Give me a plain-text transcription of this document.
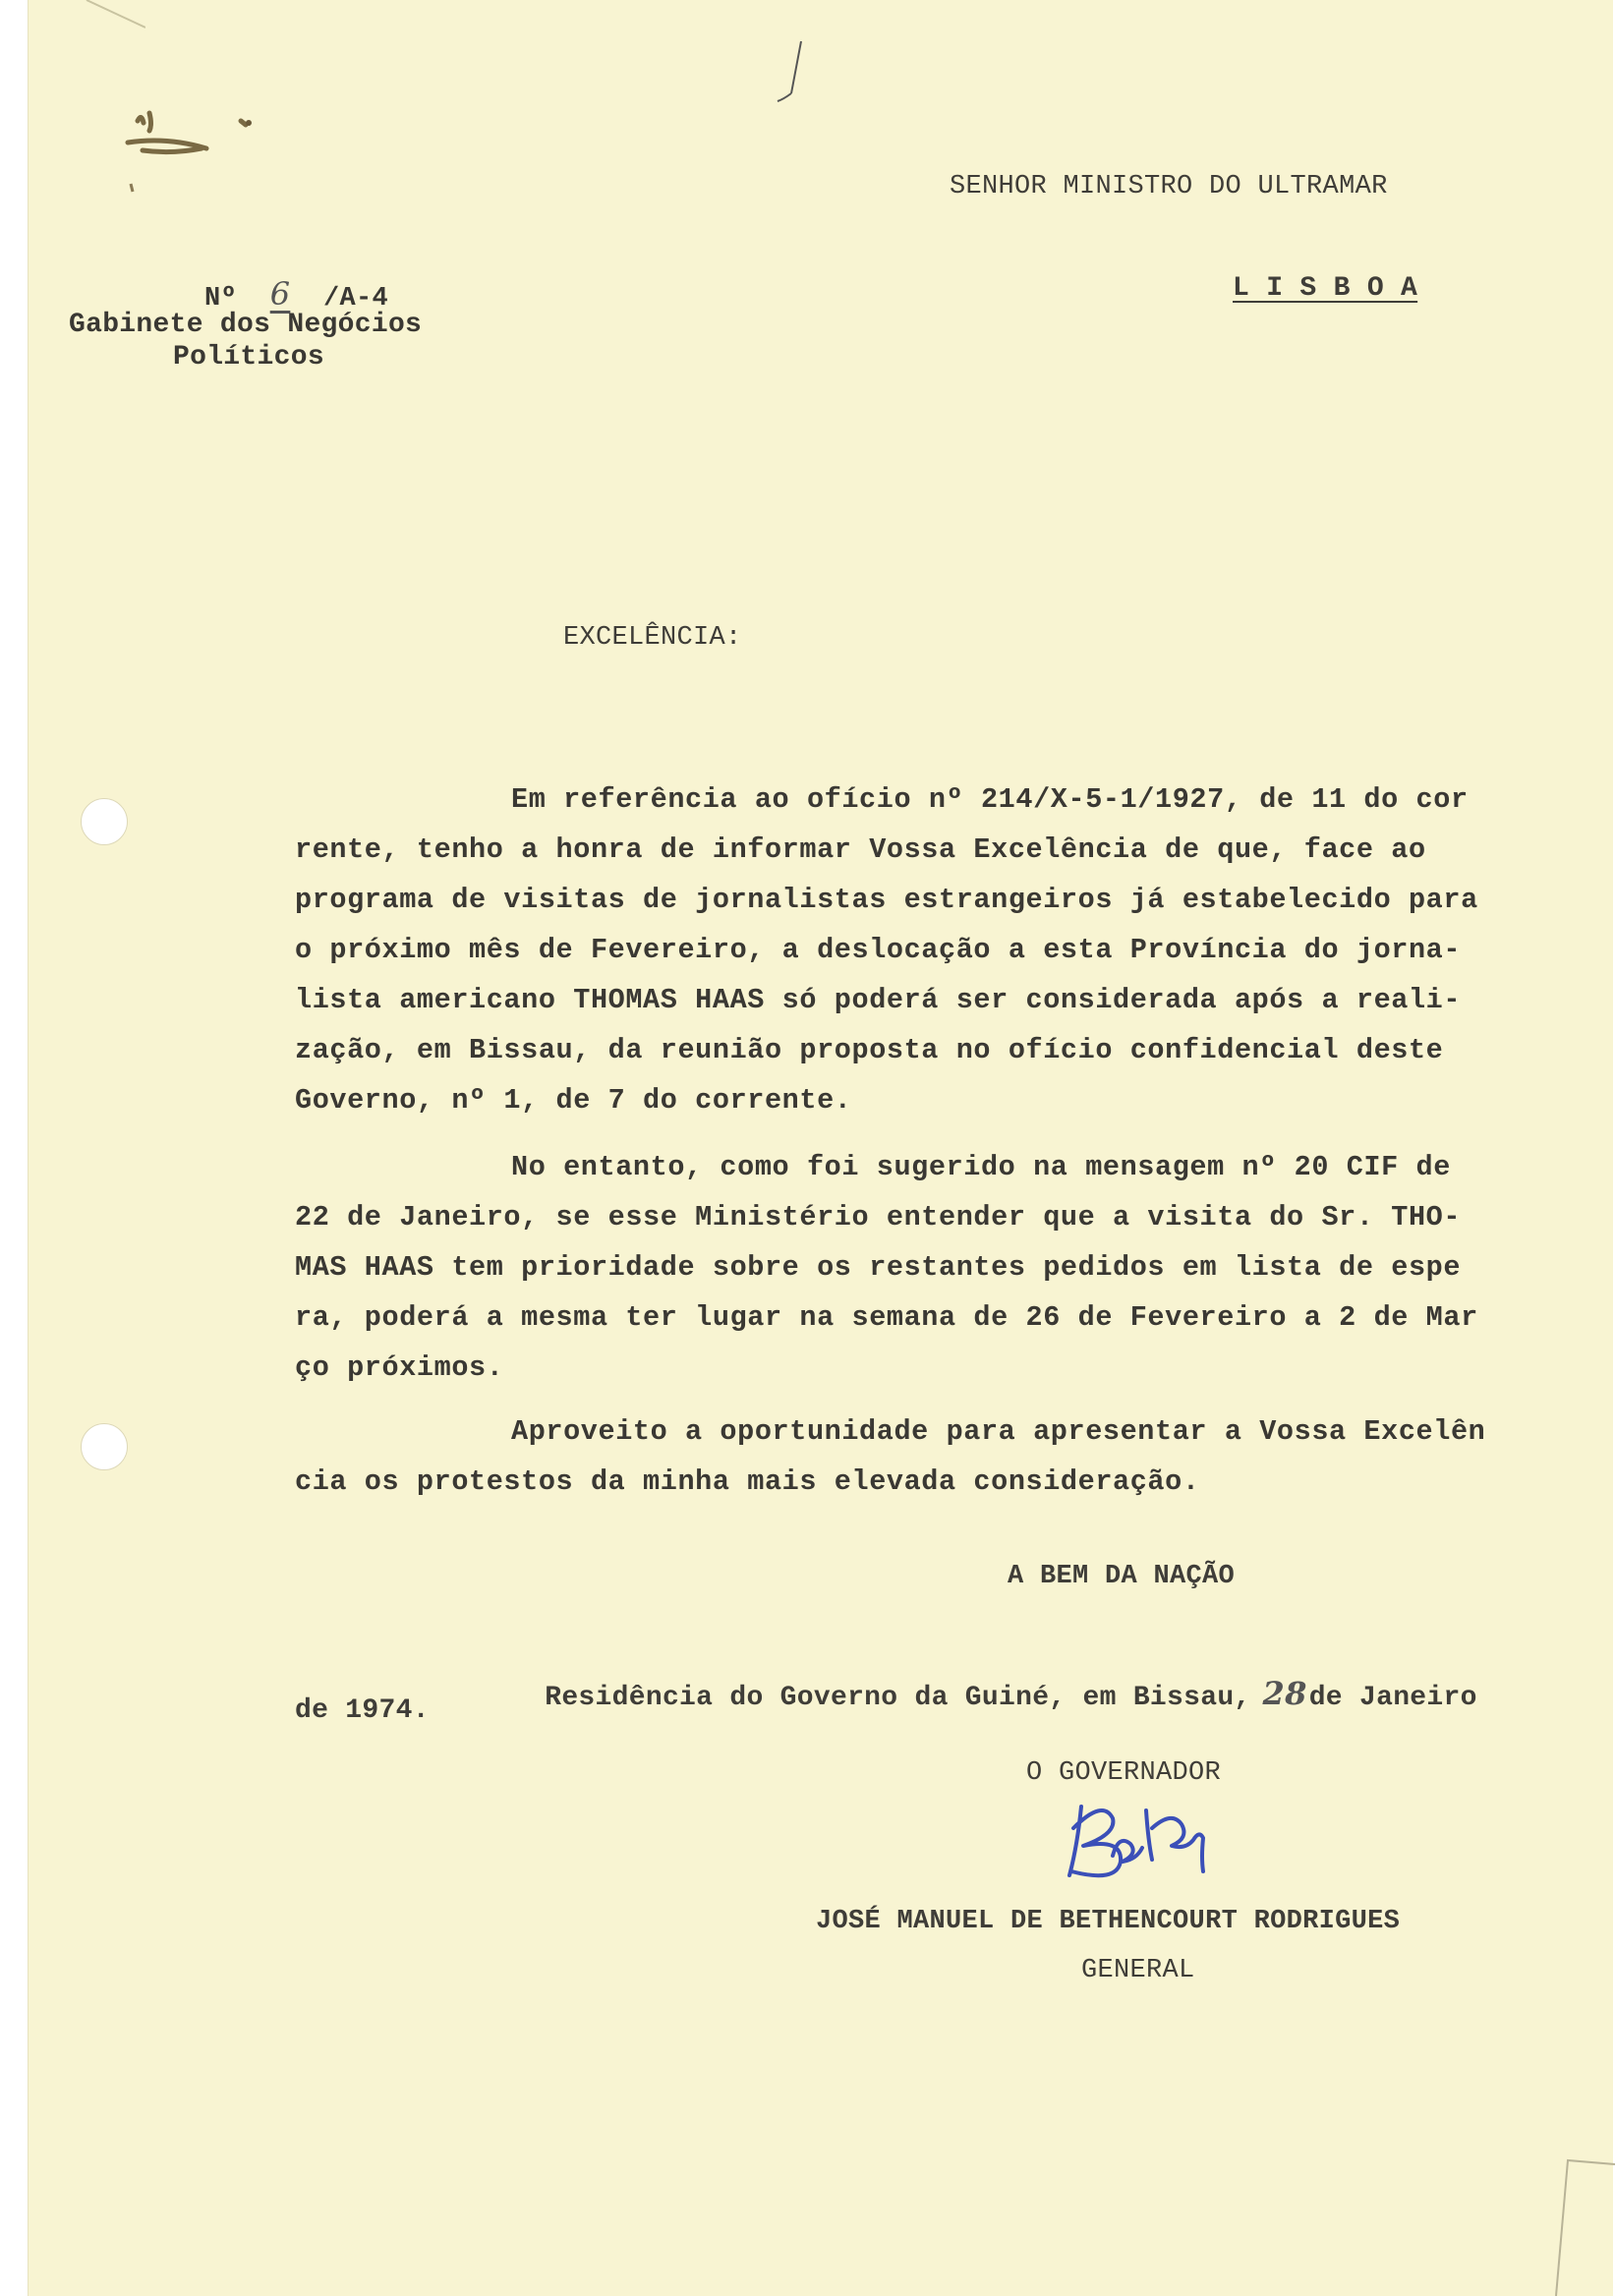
SENHOR MINISTRO DO ULTRAMAR
L I S B O A

Nº 6 /A-4

Gabinete dos Negócios
Políticos
EXCELÊNCIA:
Em referência ao ofício nº 214/X-5-1/1927, de 11 do cor
rente, tenho a honra de informar Vossa Excelência de que, face ao
programa de visitas de jornalistas estrangeiros já estabelecido para
o próximo mês de Fevereiro, a deslocação a esta Província do jorna-
lista americano THOMAS HAAS só poderá ser considerada após a reali-
zação, em Bissau, da reunião proposta no ofício confidencial deste
Governo, nº 1, de 7 do corrente.
No entanto, como foi sugerido na mensagem nº 20 CIF de
22 de Janeiro, se esse Ministério entender que a visita do Sr. THO-
MAS HAAS tem prioridade sobre os restantes pedidos em lista de espe
ra, poderá a mesma ter lugar na semana de 26 de Fevereiro a 2 de Mar
ço próximos.
Aproveito a oportunidade para apresentar a Vossa Excelên
cia os protestos da minha mais elevada consideração.
A BEM DA NAÇÃO

Residência do Governo da Guiné, em Bissau, 28de Janeiro

de 1974.
O GOVERNADOR
JOSÉ MANUEL DE BETHENCOURT RODRIGUES
GENERAL
